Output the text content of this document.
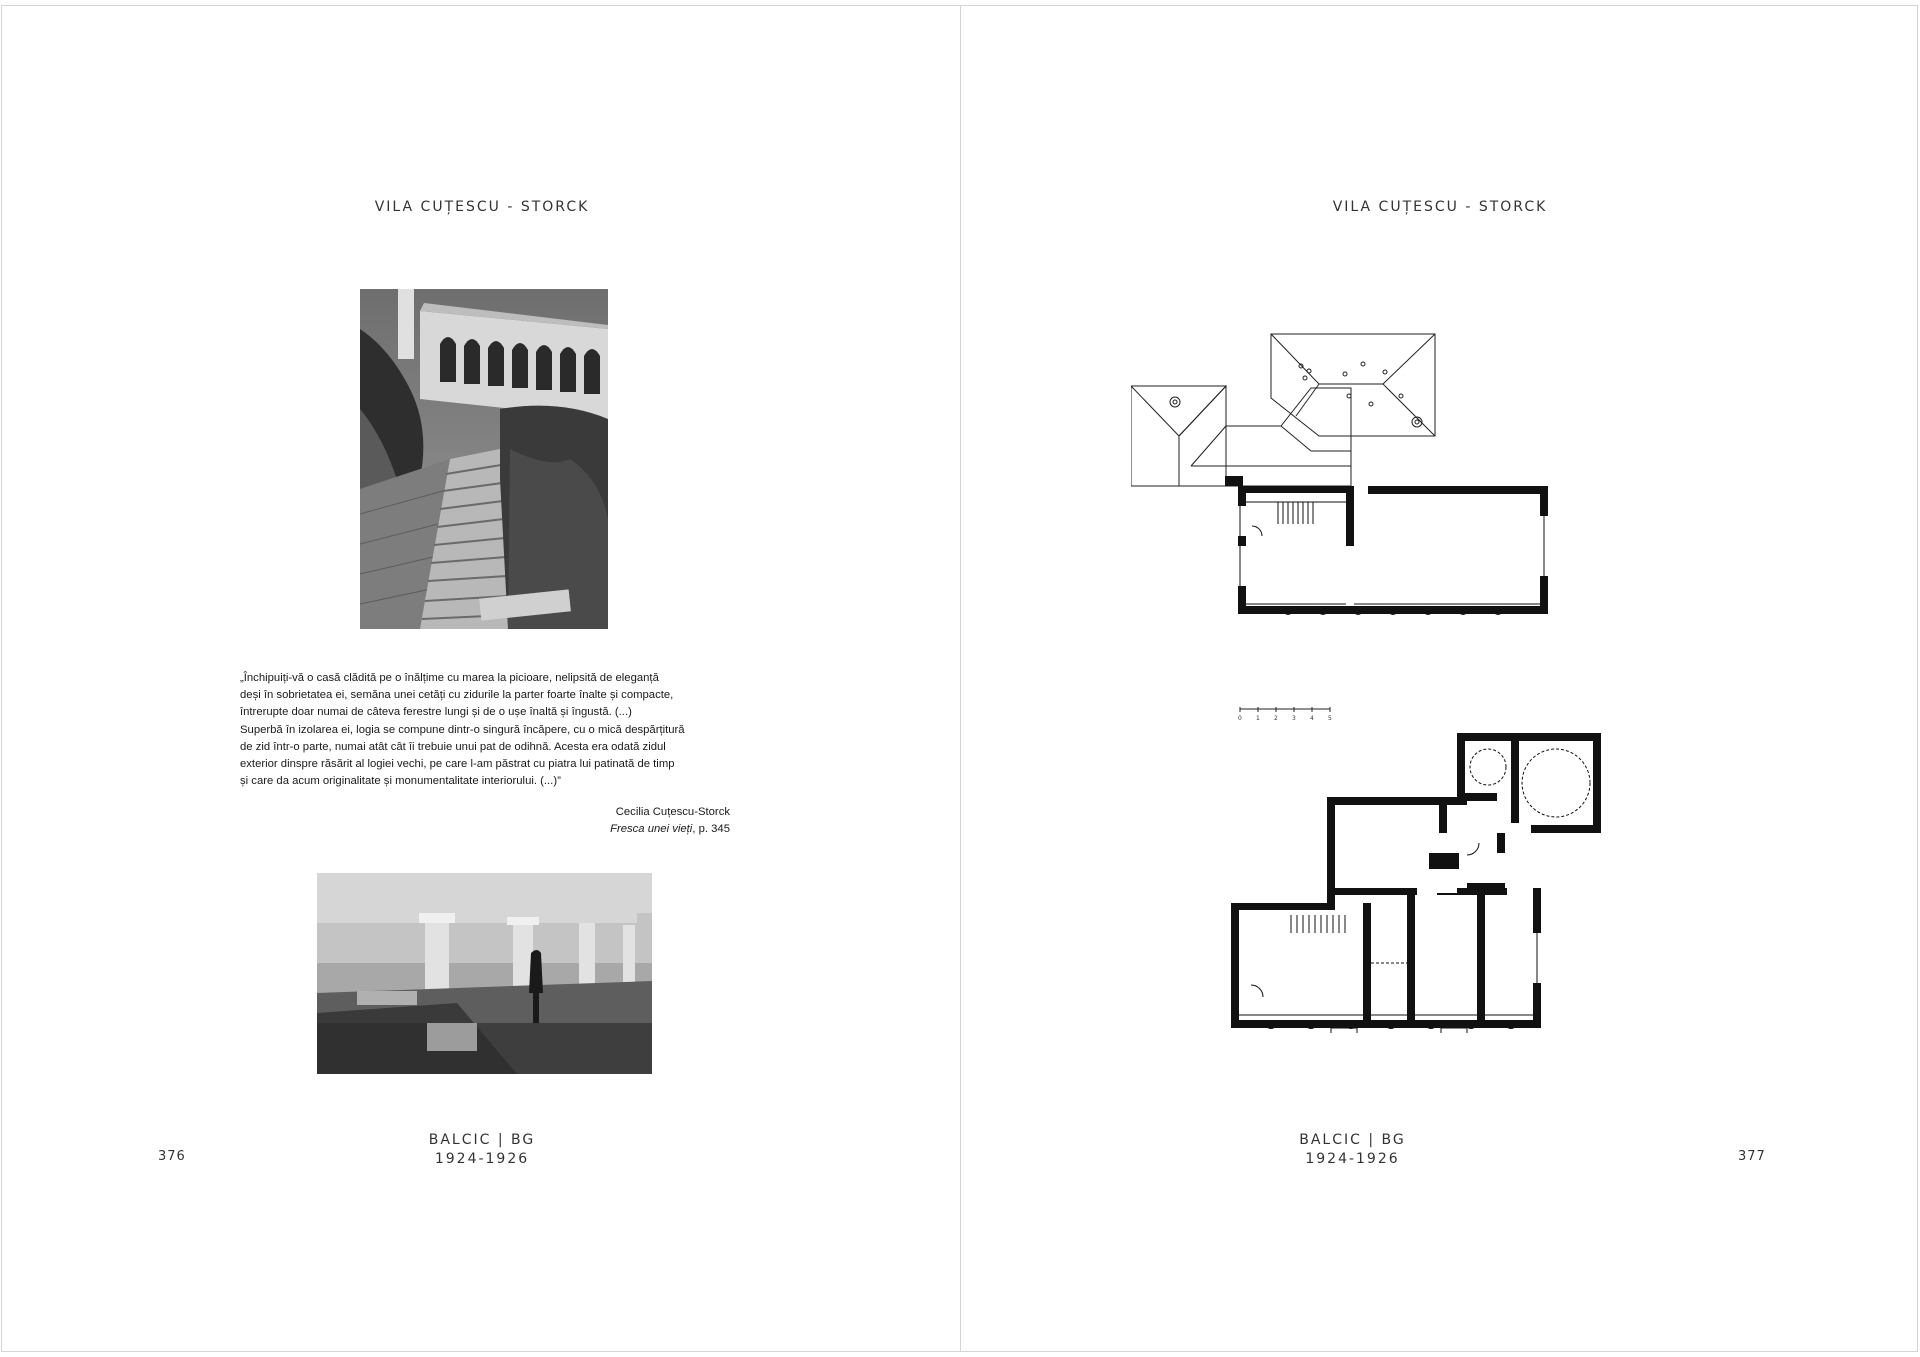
VILA CUȚESCU - STORCK
„Închipuiți-vă o casă clădită pe o înălțime cu marea la picioare, nelipsită de eleganță
deși în sobrietatea ei, semăna unei cetăți cu zidurile la parter foarte înalte și compacte,
întrerupte doar numai de câteva ferestre lungi și de o ușe înaltă și îngustă. (...)
Superbă în izolarea ei, logia se compune dintr-o singură încăpere, cu o mică despărțitură
de zid într-o parte, numai atât cât îi trebuie unui pat de odihnă. Acesta era odată zidul
exterior dinspre răsărit al logiei vechi, pe care l-am păstrat cu piatra lui patinată de timp
și care da acum originalitate și monumentalitate interiorului. (...)”
Cecilia Cuțescu-Storck
Fresca unei vieți, p. 345
BALCIC | BG
1924-1926
376
VILA CUȚESCU - STORCK
0 1 2 3 4 5
BALCIC | BG
1924-1926	377
